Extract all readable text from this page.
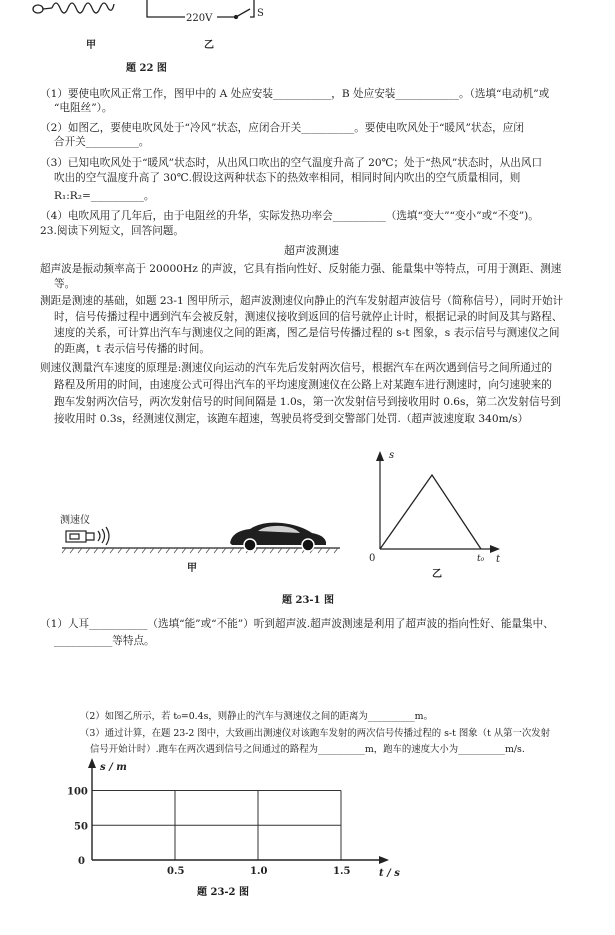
220V	S
甲	乙
题 22 图
（1）要使电吹风正常工作，图甲中的 A 处应安装___________，B 处应安装____________。（选填“电动机”或
“电阻丝”）。
（2）如图乙，要使电吹风处于“冷风”状态，应闭合开关__________。要使电吹风处于“暖风”状态，应闭
合开关__________。
（3）已知电吹风处于“暖风”状态时，从出风口吹出的空气温度升高了 20℃；处于“热风”状态时，从出风口
吹出的空气温度升高了 30℃.假设这两种状态下的热效率相同，相同时间内吹出的空气质量相同，则
R₁:R₂=__________。
（4）电吹风用了几年后，由于电阻丝的升华，实际发热功率会__________（选填“变大”“变小”或“不变”)。
23.阅读下列短文，回答问题。
超声波测速
超声波是振动频率高于 20000Hz 的声波，它具有指向性好、反射能力强、能量集中等特点，可用于测距、测速
等。
测距是测速的基础，如题 23-1 图甲所示，超声波测速仪向静止的汽车发射超声波信号（简称信号），同时开始计
时，信号传播过程中遇到汽车会被反射，测速仪接收到返回的信号就停止计时，根据记录的时间及其与路程、
速度的关系，可计算出汽车与测速仪之间的距离，图乙是信号传播过程的 s-t 图象，s 表示信号与测速仪之间
的距离，t 表示信号传播的时间。
则速仪测量汽车速度的原理是:测速仪向运动的汽车先后发射两次信号，根据汽车在两次遇到信号之间所通过的
路程及所用的时间，由速度公式可得出汽车的平均速度测速仪在公路上对某跑车进行测速时，向匀速驶来的
跑车发射两次信号，两次发射信号的时间间隔是 1.0s，第一次发射信号到接收用时 0.6s，第二次发射信号到
接收用时 0.3s，经测速仪测定，该跑车超速，驾驶员将受到交警部门处罚.（超声波速度取 340m/s）
测速仪
甲
s
t
0	t₀
乙
题 23-1 图
（1）人耳___________（选填“能”或“不能”）听到超声波.超声波测速是利用了超声波的指向性好、能量集中、
___________等特点。
（2）如图乙所示，若 t₀=0.4s，则静止的汽车与测速仪之间的距离为__________m。
（3）通过计算，在题 23-2 图中，大致画出测速仪对该跑车发射的两次信号传播过程的 s-t 图象（t 从第一次发射
信号开始计时）.跑车在两次遇到信号之间通过的路程为__________m，跑车的速度大小为__________m/s.
0.5	1.0	1.5
0
50
100
s / m
t / s
题 23-2 图
